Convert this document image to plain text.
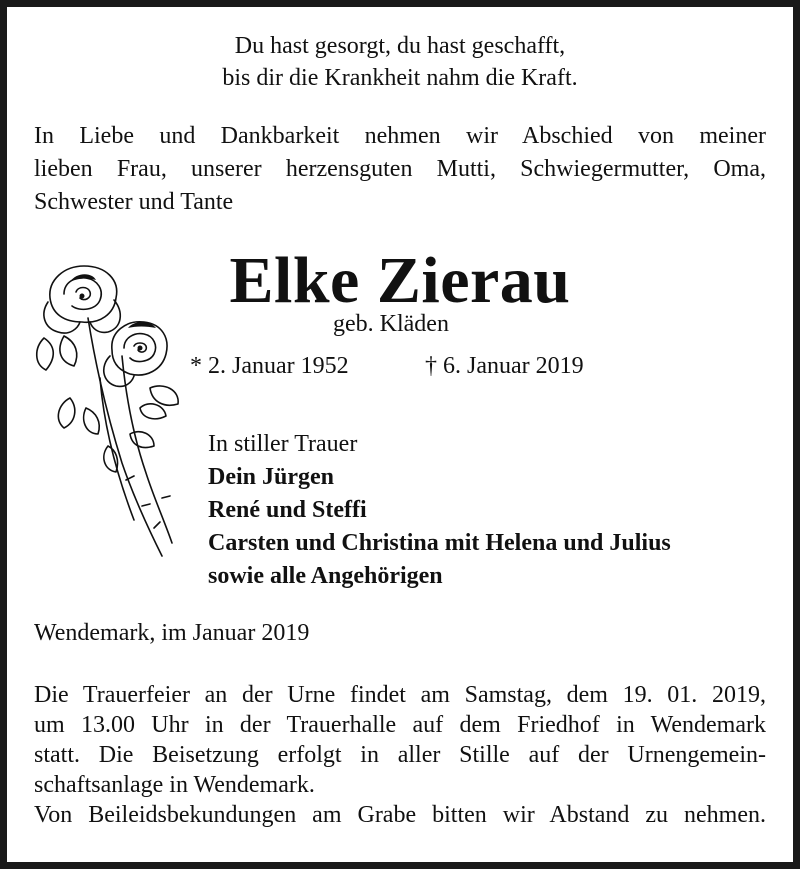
Du hast gesorgt, du hast geschafft,
bis dir die Krankheit nahm die Kraft.
In Liebe und Dankbarkeit nehmen wir Abschied von meiner
lieben Frau, unserer herzensguten Mutti, Schwiegermutter, Oma,
Schwester und Tante
Elke Zierau
geb. Kläden
* 2. Januar 1952	† 6. Januar 2019
In stiller Trauer
Dein Jürgen
René und Steffi
Carsten und Christina mit Helena und Julius
sowie alle Angehörigen
Wendemark, im Januar 2019
Die Trauerfeier an der Urne findet am Samstag, dem 19. 01. 2019,
um 13.00 Uhr in der Trauerhalle auf dem Friedhof in Wendemark
statt. Die Beisetzung erfolgt in aller Stille auf der Urnengemein-
schaftsanlage in Wendemark.
Von Beileidsbekundungen am Grabe bitten wir Abstand zu nehmen.
